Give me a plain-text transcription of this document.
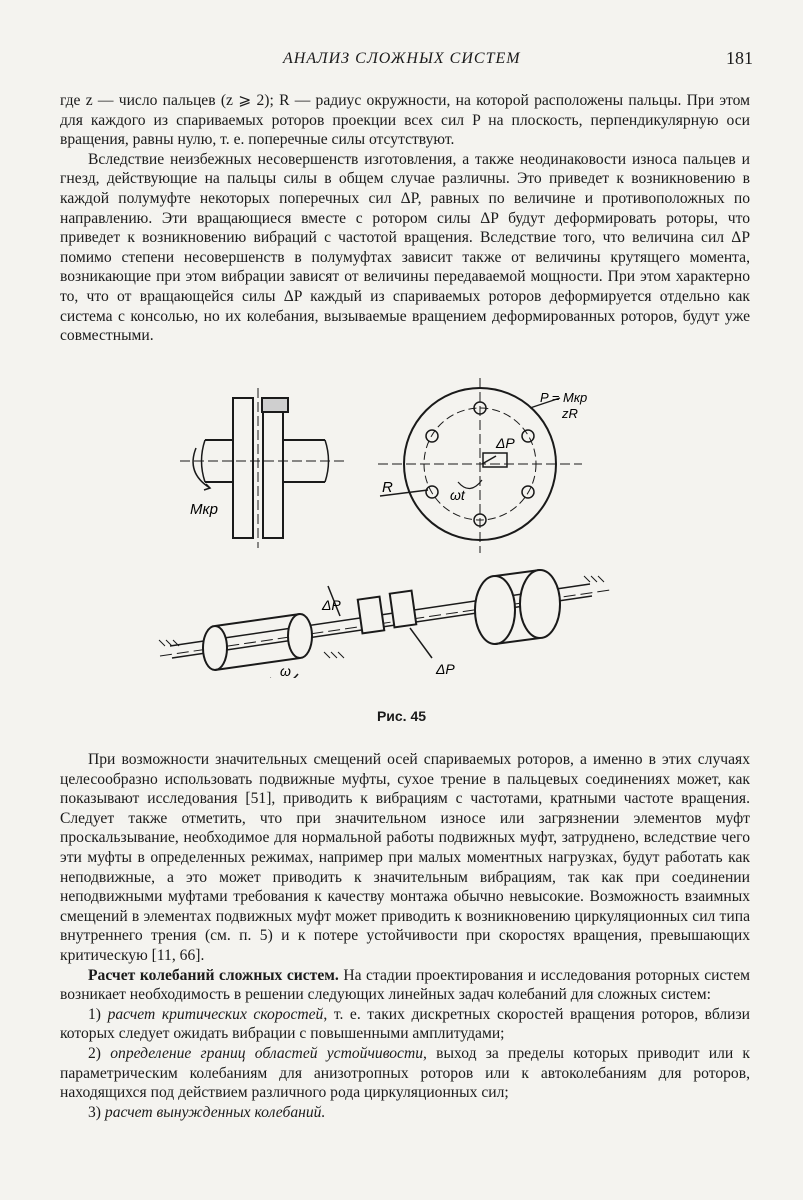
АНАЛИЗ СЛОЖНЫХ СИСТЕМ	181

где z — число пальцев (z ⩾ 2); R — радиус окружности, на которой расположены пальцы. При этом для каждого из спариваемых роторов проекции всех сил P на плоскость, перпендикулярную оси вращения, равны нулю, т. е. поперечные силы отсутствуют.

Вследствие неизбежных несовершенств изготовления, а также неодинаковости износа пальцев и гнезд, действующие на пальцы силы в общем случае различны. Это приведет к возникновению в каждой полумуфте некоторых поперечных сил ΔP, равных по величине и противоположных по направлению. Эти вращающиеся вместе с ротором силы ΔP будут деформировать роторы, что приведет к возникновению вибраций с частотой вращения. Вследствие того, что величина сил ΔP помимо степени несовершенств в полумуфтах зависит также от величины крутящего момента, возникающие при этом вибрации зависят от величины передаваемой мощности. При этом характерно то, что от вращающейся силы ΔP каждый из спариваемых роторов деформируется отдельно как система с консолью, но их колебания, вызываемые вращением деформированных роторов, будут уже совместными.

Mкр
P = Mкр
zR
ΔP
R	ωt
ΔP
ΔP
ω
Рис. 45

При возможности значительных смещений осей спариваемых роторов, а именно в этих случаях целесообразно использовать подвижные муфты, сухое трение в пальцевых соединениях может, как показывают исследования [51], приводить к вибрациям с частотами, кратными частоте вращения. Следует также отметить, что при значительном износе или загрязнении элементов муфт проскальзывание, необходимое для нормальной работы подвижных муфт, затруднено, вследствие чего эти муфты в определенных режимах, например при малых моментных нагрузках, будут работать как неподвижные, а это может приводить к значительным вибрациям, так как при соединении неподвижными муфтами требования к качеству монтажа обычно невысокие. Возможность взаимных смещений в элементах подвижных муфт может приводить к возникновению циркуляционных сил типа внутреннего трения (см. п. 5) и к потере устойчивости при скоростях вращения, превышающих критическую [11, 66].

Расчет колебаний сложных систем. На стадии проектирования и исследования роторных систем возникает необходимость в решении следующих линейных задач колебаний для сложных систем:

1) расчет критических скоростей, т. е. таких дискретных скоростей вращения роторов, вблизи которых следует ожидать вибрации с повышенными амплитудами;

2) определение границ областей устойчивости, выход за пределы которых приводит или к параметрическим колебаниям для анизотропных роторов или к автоколебаниям для роторов, находящихся под действием различного рода циркуляционных сил;

3) расчет вынужденных колебаний.
